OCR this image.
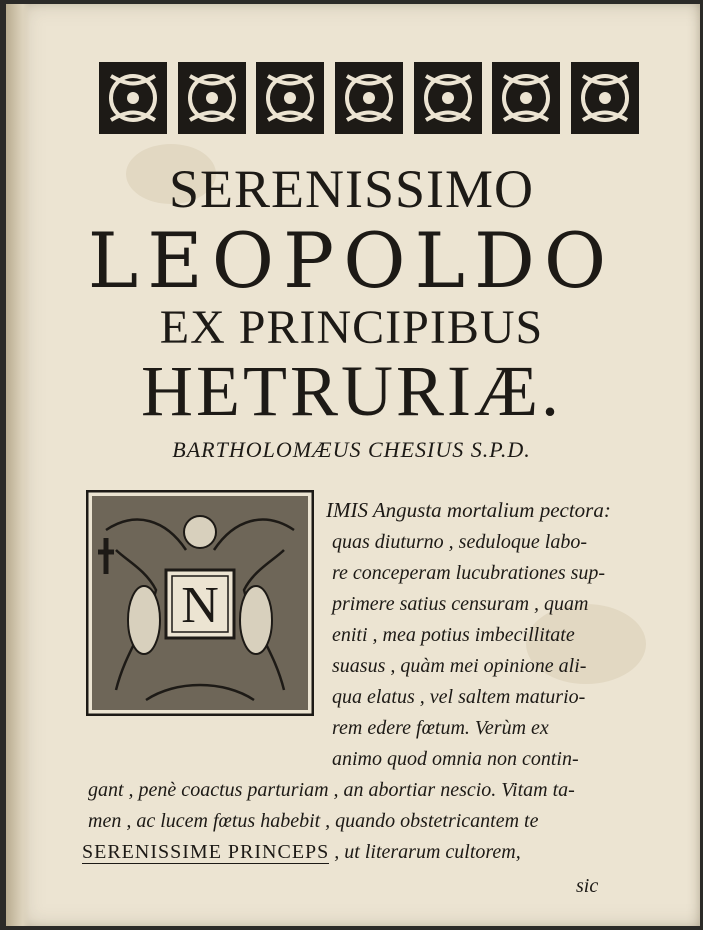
SERENISSIMO
LEOPOLDO
EX PRINCIPIBUS
HETRURIÆ.
BARTHOLOMÆUS CHESIUS S.P.D.
N
IMIS Angusta mortalium pectora:
quas diuturno , seduloque labo-
re conceperam lucubrationes sup-
primere satius censuram , quam
eniti , mea potius imbecillitate
suasus , quàm mei opinione ali-
qua elatus , vel saltem maturio-
rem edere fœtum. Verùm ex
animo quod omnia non contin-
gant , penè coactus parturiam , an abortiar nescio. Vitam ta-
men , ac lucem fœtus habebit , quando obstetricantem te
SERENISSIME PRINCEPS , ut literarum cultorem,
sic
